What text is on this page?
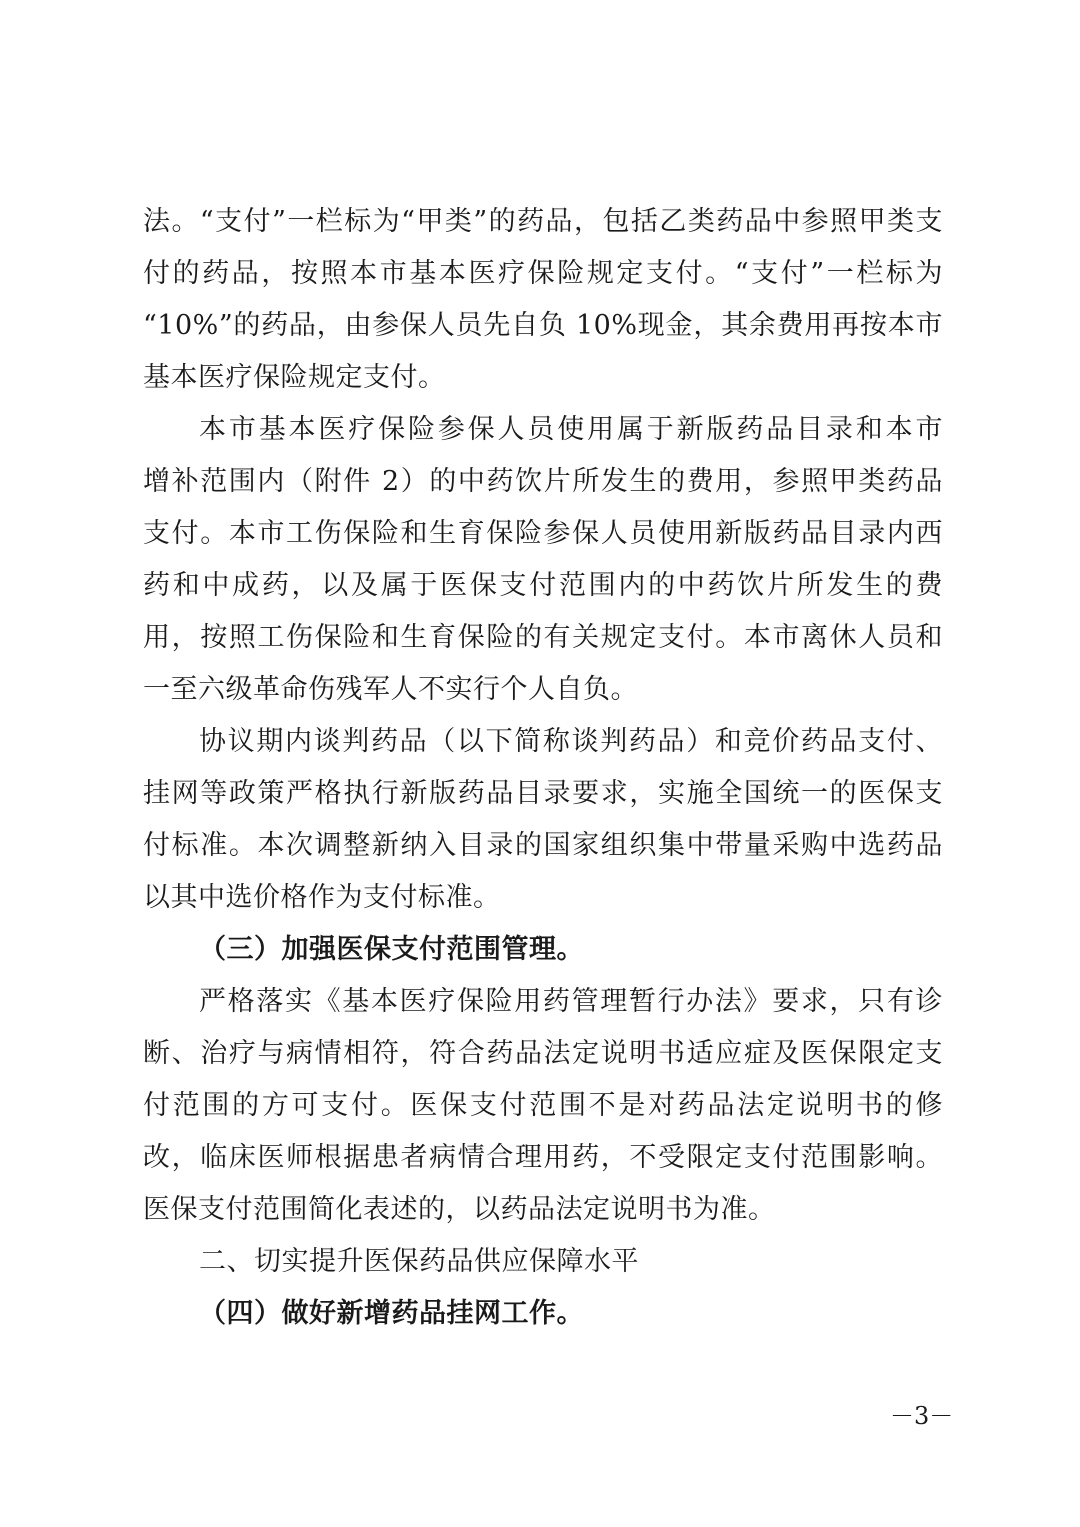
法。“支付”一栏标为“甲类”的药品，包括乙类药品中参照甲类支
付的药品，按照本市基本医疗保险规定支付。“支付”一栏标为
“10%”的药品，由参保人员先自负 10%现金，其余费用再按本市
基本医疗保险规定支付。
本市基本医疗保险参保人员使用属于新版药品目录和本市
增补范围内（附件 2）的中药饮片所发生的费用，参照甲类药品
支付。本市工伤保险和生育保险参保人员使用新版药品目录内西
药和中成药，以及属于医保支付范围内的中药饮片所发生的费
用，按照工伤保险和生育保险的有关规定支付。本市离休人员和
一至六级革命伤残军人不实行个人自负。
协议期内谈判药品（以下简称谈判药品）和竞价药品支付、
挂网等政策严格执行新版药品目录要求，实施全国统一的医保支
付标准。本次调整新纳入目录的国家组织集中带量采购中选药品
以其中选价格作为支付标准。
（三）加强医保支付范围管理。
严格落实《基本医疗保险用药管理暂行办法》要求，只有诊
断、治疗与病情相符，符合药品法定说明书适应症及医保限定支
付范围的方可支付。医保支付范围不是对药品法定说明书的修
改，临床医师根据患者病情合理用药，不受限定支付范围影响。
医保支付范围简化表述的，以药品法定说明书为准。
二、切实提升医保药品供应保障水平
（四）做好新增药品挂网工作。
－3－
